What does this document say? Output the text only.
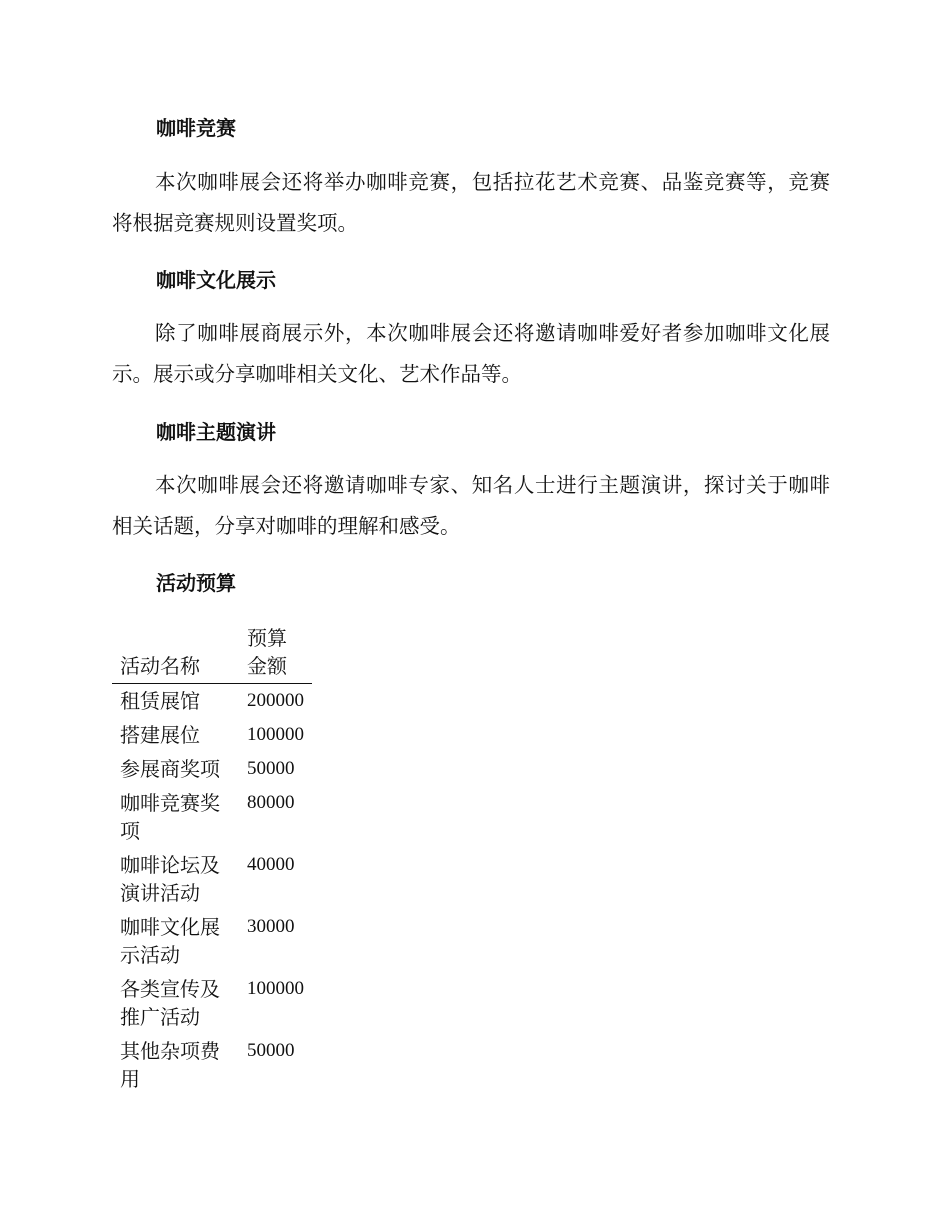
咖啡竞赛

本次咖啡展会还将举办咖啡竞赛，包括拉花艺术竞赛、品鉴竞赛等，竞赛将根据竞赛规则设置奖项。

咖啡文化展示

除了咖啡展商展示外，本次咖啡展会还将邀请咖啡爱好者参加咖啡文化展示。展示或分享咖啡相关文化、艺术作品等。

咖啡主题演讲

本次咖啡展会还将邀请咖啡专家、知名人士进行主题演讲，探讨关于咖啡相关话题，分享对咖啡的理解和感受。

活动预算
活动名称	预算金额
租赁展馆	200000
搭建展位	100000
参展商奖项	50000
咖啡竞赛奖项	80000
咖啡论坛及演讲活动	40000
咖啡文化展示活动	30000
各类宣传及推广活动	100000
其他杂项费用	50000
